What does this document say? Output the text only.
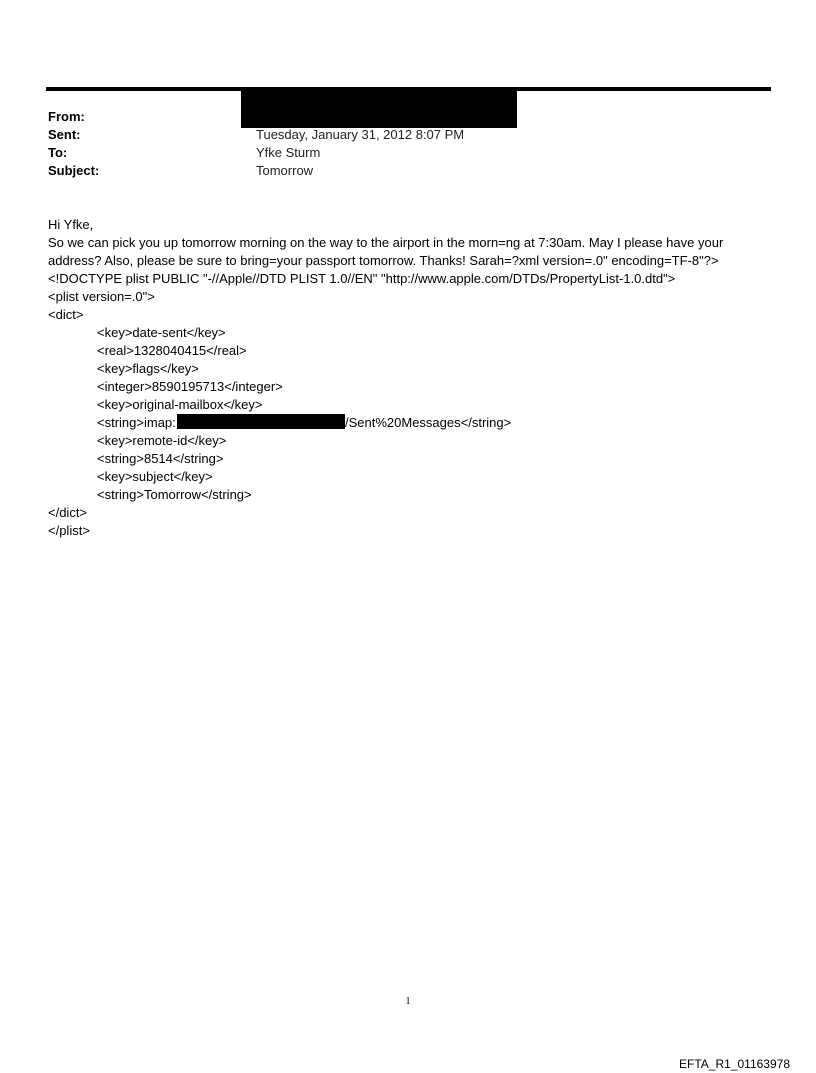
From:
Sent:	Tuesday, January 31, 2012 8:07 PM
To:	Yfke Sturm
Subject:	Tomorrow
Hi Yfke,
So we can pick you up tomorrow morning on the way to the airport in the morn=ng at 7:30am. May I please have your address? Also, please be sure to bring=your passport tomorrow. Thanks! Sarah=?xml version=.0" encoding=TF-8"?>
<!DOCTYPE plist PUBLIC "-//Apple//DTD PLIST 1.0//EN" "http://www.apple.com/DTDs/PropertyList-1.0.dtd">
<plist version=.0">
<dict>
<key>date-sent</key>
<real>1328040415</real>
<key>flags</key>
<integer>8590195713</integer>
<key>original-mailbox</key>
<string>imap:	/Sent%20Messages</string>
<key>remote-id</key>
<string>8514</string>
<key>subject</key>
<string>Tomorrow</string>
</dict>
</plist>
1
EFTA_R1_01163978
